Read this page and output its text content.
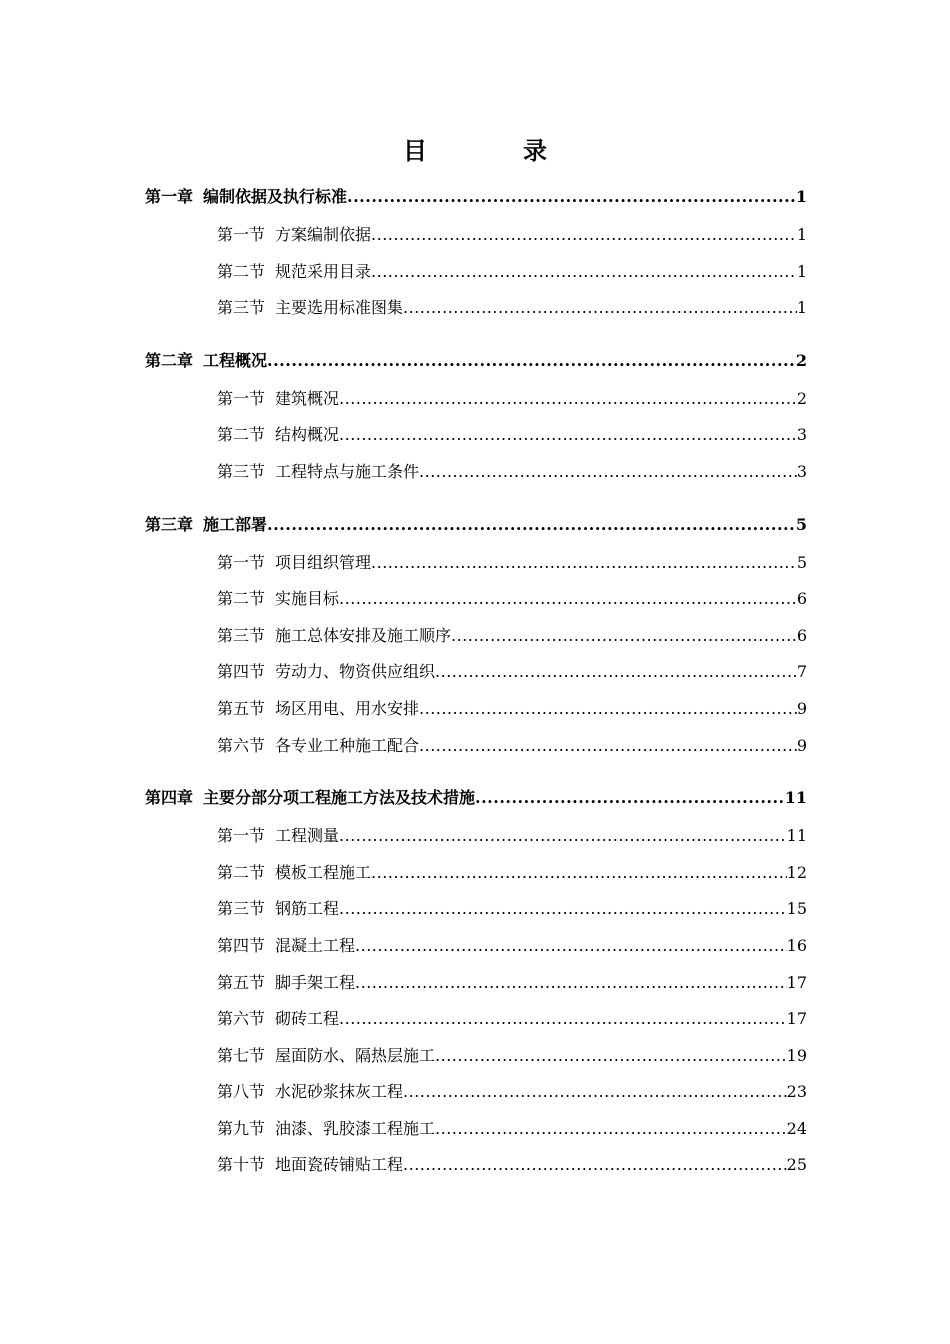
目　录
第一章 编制依据及执行标准 .....	1
第一节 方案编制依据 .....	1
第二节 规范采用目录 .....	1
第三节 主要选用标准图集 .....	1
第二章 工程概况 .....	2
第一节 建筑概况 .....	2
第二节 结构概况 .....	3
第三节 工程特点与施工条件 .....	3
第三章 施工部署 .....	5
第一节 项目组织管理 .....	5
第二节 实施目标 .....	6
第三节 施工总体安排及施工顺序 .....	6
第四节 劳动力、物资供应组织 .....	7
第五节 场区用电、用水安排 .....	9
第六节 各专业工种施工配合 .....	9
第四章 主要分部分项工程施工方法及技术措施 .....	11
第一节 工程测量 .....	11
第二节 模板工程施工 .....	12
第三节 钢筋工程 .....	15
第四节 混凝土工程 .....	16
第五节 脚手架工程 .....	17
第六节 砌砖工程 .....	17
第七节 屋面防水、隔热层施工 .....	19
第八节 水泥砂浆抹灰工程 .....	23
第九节 油漆、乳胶漆工程施工 .....	24
第十节 地面瓷砖铺贴工程 .....	25
